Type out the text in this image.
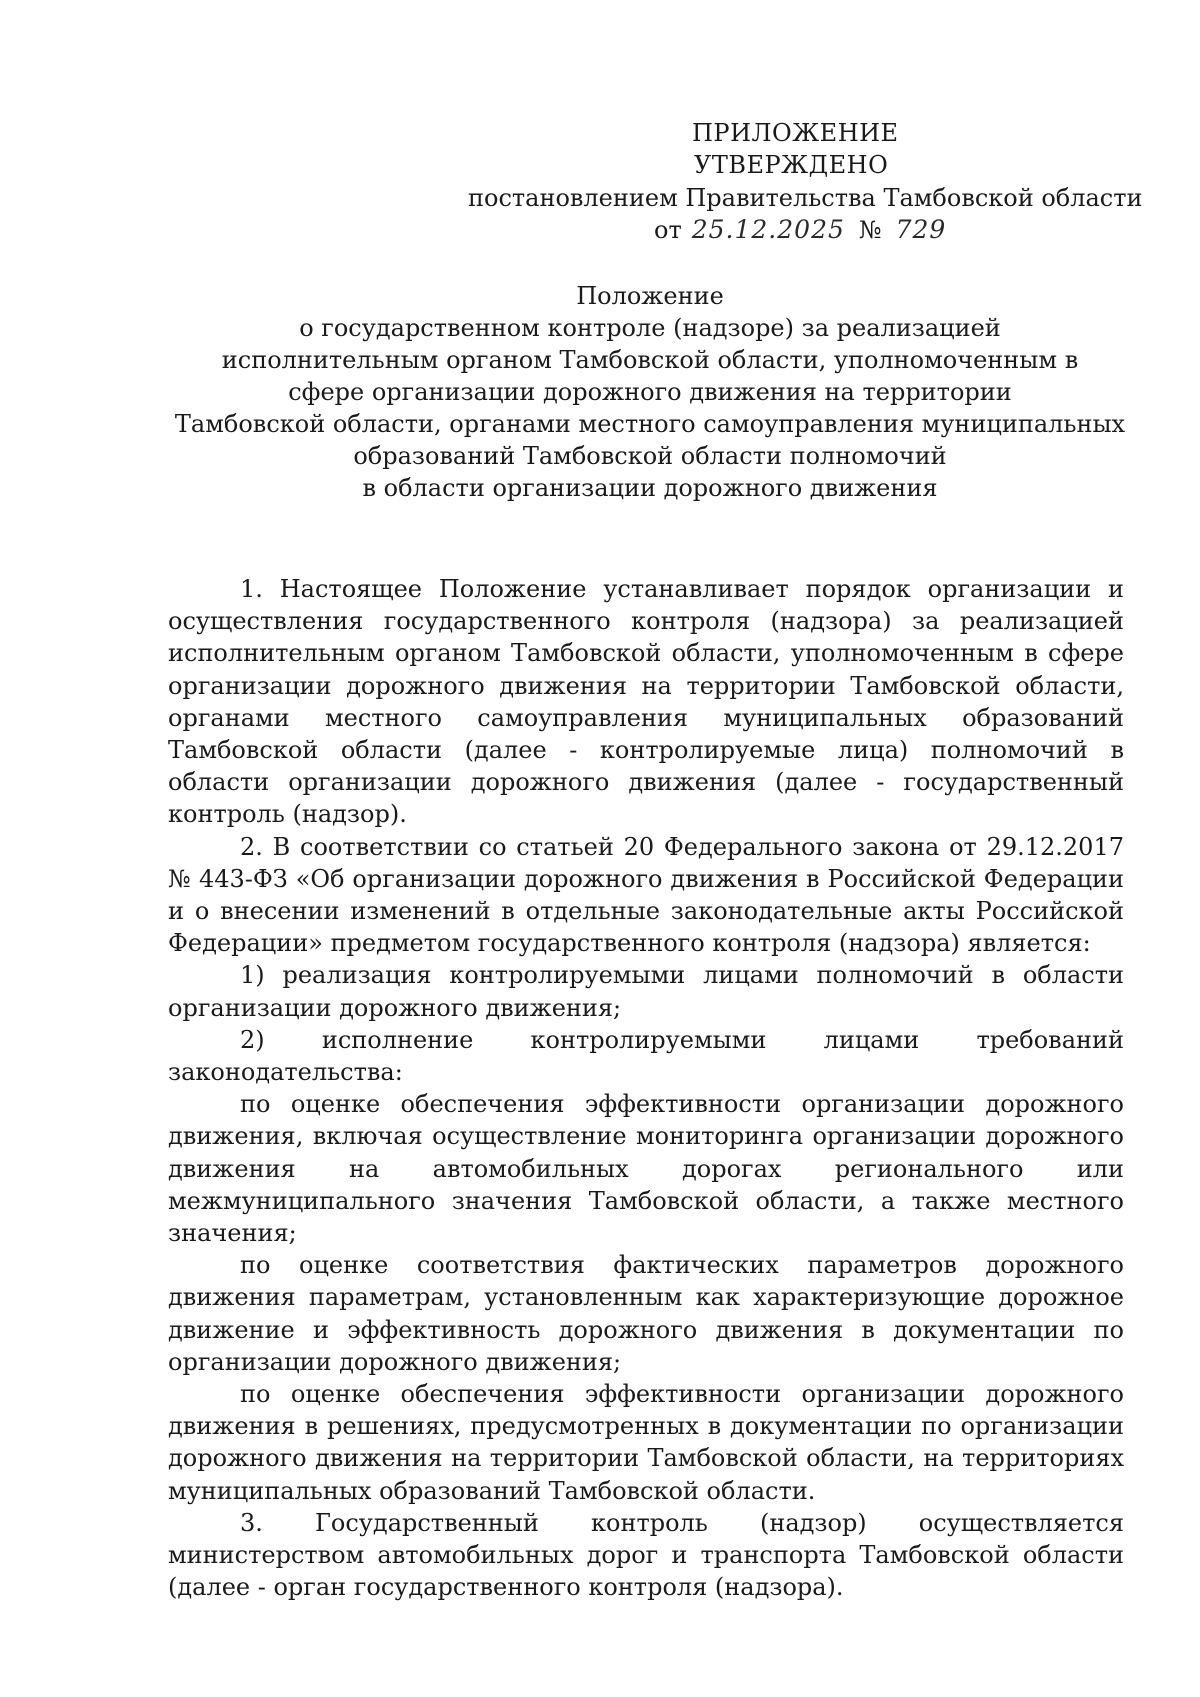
ПРИЛОЖЕНИЕ
УТВЕРЖДЕНО
постановлением Правительства Тамбовской области
от 25.12.2025 № 729
Положение
о государственном контроле (надзоре) за реализацией
исполнительным органом Тамбовской области, уполномоченным в
сфере организации дорожного движения на территории
Тамбовской области, органами местного самоуправления муниципальных
образований Тамбовской области полномочий
в области организации дорожного движения

1. Настоящее Положение устанавливает порядок организации и осуществления государственного контроля (надзора) за реализацией исполнительным органом Тамбовской области, уполномоченным в сфере организации дорожного движения на территории Тамбовской области, органами местного самоуправления муниципальных образований Тамбовской области (далее - контролируемые лица) полномочий в области организации дорожного движения (далее - государственный контроль (надзор).

2. В соответствии со статьей 20 Федерального закона от 29.12.2017 № 443-ФЗ «Об организации дорожного движения в Российской Федерации и о внесении изменений в отдельные законодательные акты Российской Федерации» предметом государственного контроля (надзора) является:

1) реализация контролируемыми лицами полномочий в области организации дорожного движения;

2) исполнение контролируемыми лицами требований законодательства:

по оценке обеспечения эффективности организации дорожного движения, включая осуществление мониторинга организации дорожного движения на автомобильных дорогах регионального или межмуниципального значения Тамбовской области, а также местного значения;

по оценке соответствия фактических параметров дорожного движения параметрам, установленным как характеризующие дорожное движение и эффективность дорожного движения в документации по организации дорожного движения;

по оценке обеспечения эффективности организации дорожного движения в решениях, предусмотренных в документации по организации дорожного движения на территории Тамбовской области, на территориях муниципальных образований Тамбовской области.

3. Государственный контроль (надзор) осуществляется министерством автомобильных дорог и транспорта Тамбовской области (далее - орган государственного контроля (надзора).
